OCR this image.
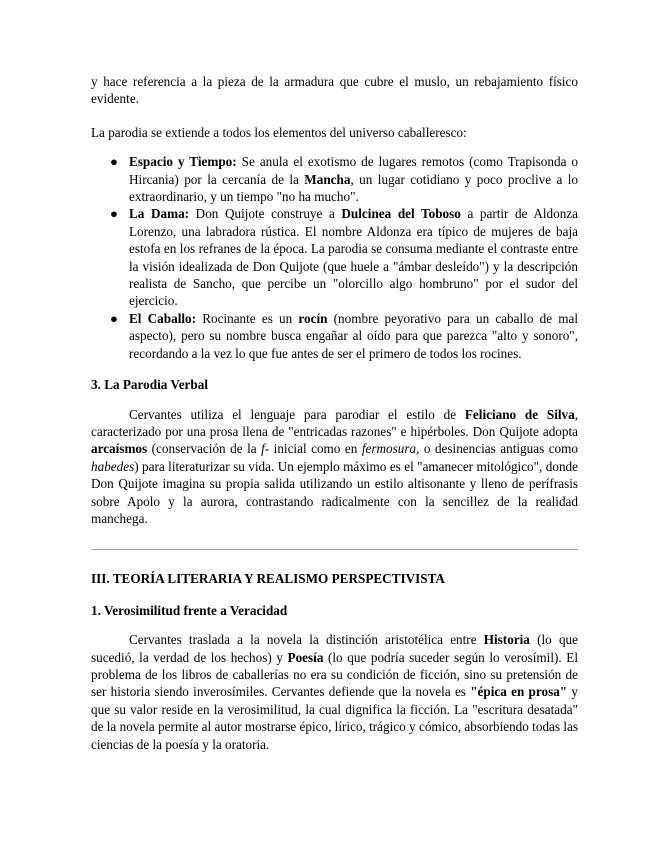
y hace referencia a la pieza de la armadura que cubre el muslo, un rebajamiento físico evidente.

La parodia se extiende a todos los elementos del universo caballeresco:

● Espacio y Tiempo: Se anula el exotismo de lugares remotos (como Trapisonda o Hircania) por la cercanía de la Mancha, un lugar cotidiano y poco proclive a lo extraordinario, y un tiempo "no ha mucho".
● La Dama: Don Quijote construye a Dulcinea del Toboso a partir de Aldonza Lorenzo, una labradora rústica. El nombre Aldonza era típico de mujeres de baja estofa en los refranes de la época. La parodia se consuma mediante el contraste entre la visión idealizada de Don Quijote (que huele a "ámbar desleído") y la descripción realista de Sancho, que percibe un "olorcillo algo hombruno" por el sudor del ejercicio.
● El Caballo: Rocinante es un rocín (nombre peyorativo para un caballo de mal aspecto), pero su nombre busca engañar al oído para que parezca "alto y sonoro", recordando a la vez lo que fue antes de ser el primero de todos los rocines.
3. La Parodia Verbal

Cervantes utiliza el lenguaje para parodiar el estilo de Feliciano de Silva, caracterizado por una prosa llena de "entricadas razones" e hipérboles. Don Quijote adopta arcaísmos (conservación de la f- inicial como en fermosura, o desinencias antiguas como habedes) para literaturizar su vida. Un ejemplo máximo es el "amanecer mitológico", donde Don Quijote imagina su propia salida utilizando un estilo altisonante y lleno de perífrasis sobre Apolo y la aurora, contrastando radicalmente con la sencillez de la realidad manchega.

III. TEORÍA LITERARIA Y REALISMO PERSPECTIVISTA
1. Verosimilitud frente a Veracidad

Cervantes traslada a la novela la distinción aristotélica entre Historia (lo que sucedió, la verdad de los hechos) y Poesía (lo que podría suceder según lo verosímil). El problema de los libros de caballerías no era su condición de ficción, sino su pretensión de ser historia siendo inverosímiles. Cervantes defiende que la novela es "épica en prosa" y que su valor reside en la verosimilitud, la cual dignifica la ficción. La "escritura desatada" de la novela permite al autor mostrarse épico, lírico, trágico y cómico, absorbiendo todas las ciencias de la poesía y la oratoria.
